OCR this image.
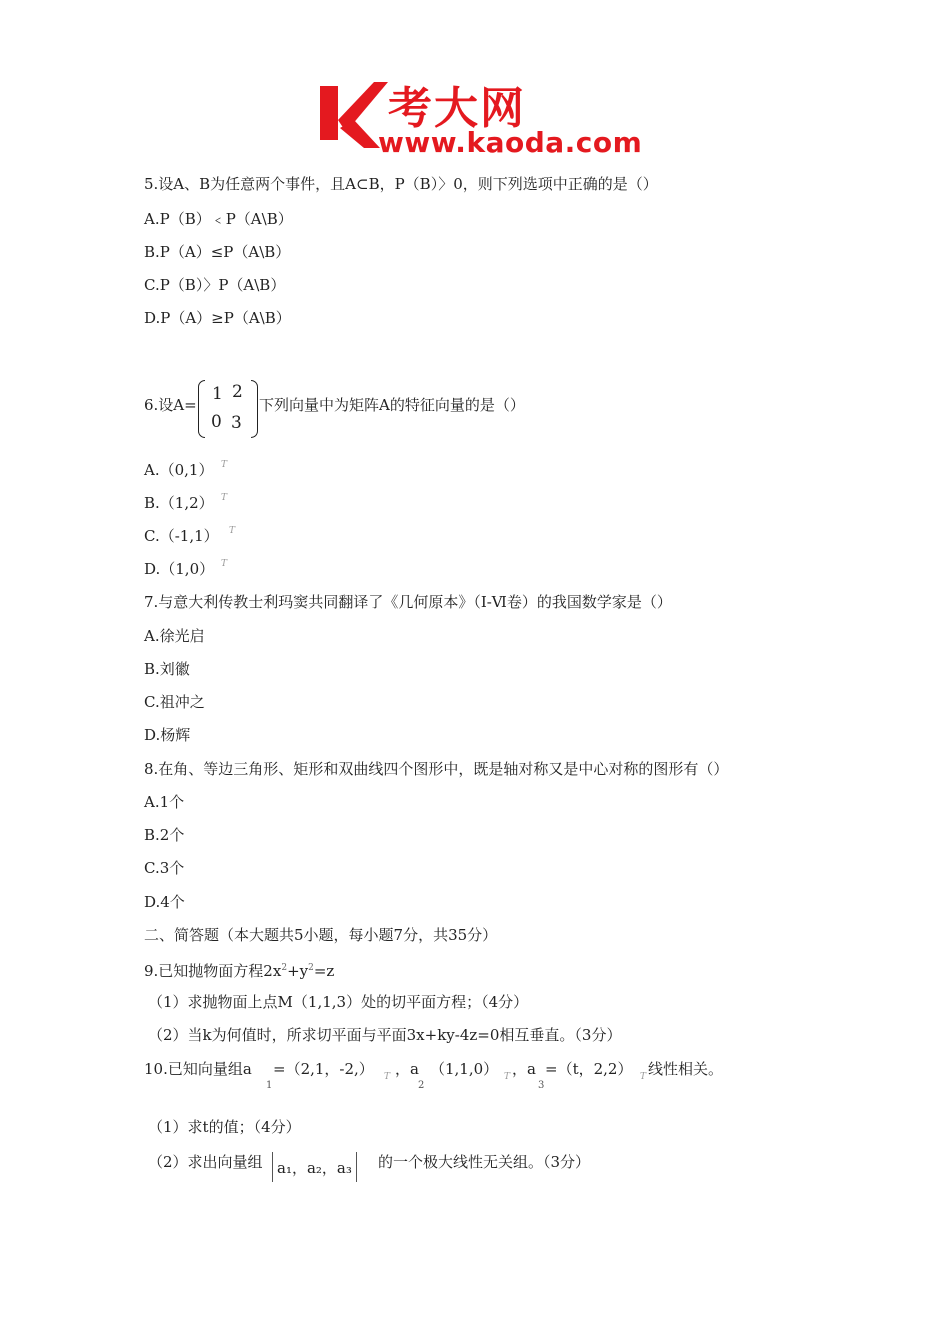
考大网
www.kaoda.com
5.设A、B为任意两个事件，且A⊂B，P（B）〉0，则下列选项中正确的是（）
A.P（B）﹤P（A\B）
B.P（A）≤P（A\B）
C.P（B）〉P（A\B）
D.P（A）≥P（A\B）
6.设A=
1 2
0 3
下列向量中为矩阵A的特征向量的是（）
A.（0,1） T
B.（1,2） T
C.（-1,1） T
D.（1,0） T
7.与意大利传教士利玛窦共同翻译了《几何原本》（Ⅰ-Ⅵ卷）的我国数学家是（）
A.徐光启
B.刘徽
C.祖冲之
D.杨辉
8.在角、等边三角形、矩形和双曲线四个图形中，既是轴对称又是中心对称的图形有（）
A.1个
B.2个
C.3个
D.4个
二、简答题（本大题共5小题，每小题7分，共35分）
9.已知抛物面方程$2x^2+y^2=z$
（1）求抛物面上点M（1,1,3）处的切平面方程；（4分）
（2）当k为何值时，所求切平面与平面3x+ky-4z=0相互垂直。（3分）
10.已知向量组a
1
=（2,1，-2,） T ，a
2
（1,1,0） T ，a
3
=（t，2,2） T 线性相关。
（1）求t的值；（4分）
（2）求出向量组 a₁，a₂，a₃	的一个极大线性无关组。（3分）
